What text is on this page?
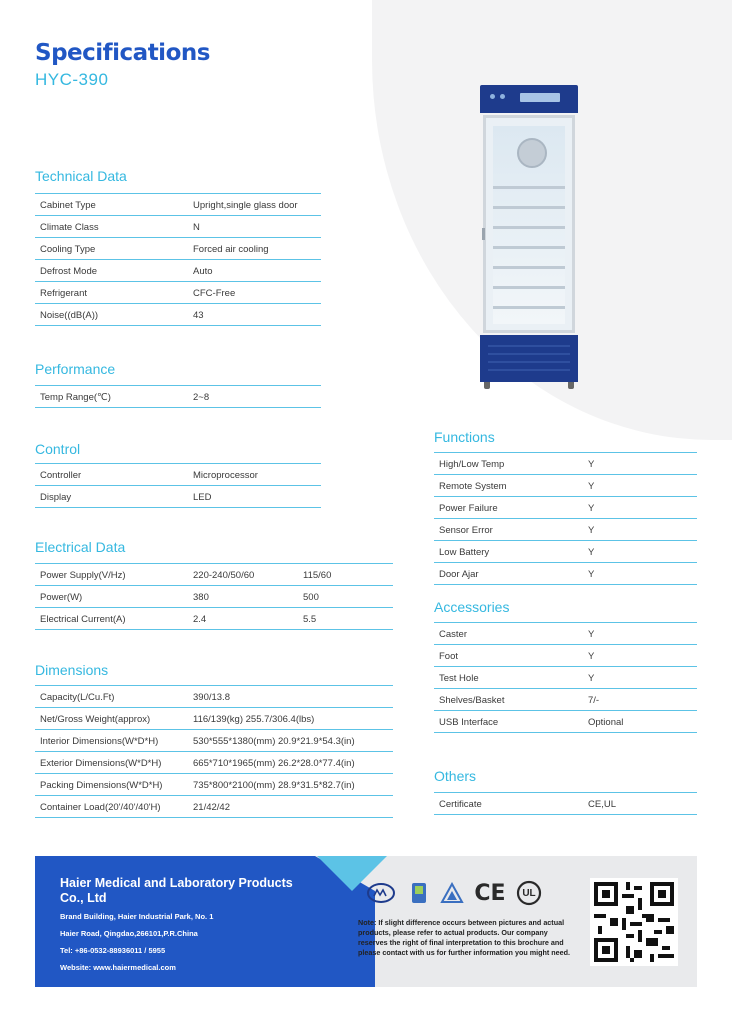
Specifications
HYC-390
Technical Data
Cabinet Type	Upright,single glass door
Climate Class	N
Cooling Type	Forced air cooling
Defrost Mode	Auto
Refrigerant	CFC-Free
Noise((dB(A))	43
Performance
Temp Range(℃)	2~8
Control
Controller	Microprocessor
Display	LED
Electrical Data
Power Supply(V/Hz)	220-240/50/60	115/60
Power(W)	380	500
Electrical Current(A)	2.4	5.5
Dimensions
Capacity(L/Cu.Ft)	390/13.8
Net/Gross Weight(approx)	116/139(kg) 255.7/306.4(lbs)
Interior Dimensions(W*D*H)	530*555*1380(mm) 20.9*21.9*54.3(in)
Exterior Dimensions(W*D*H)	665*710*1965(mm) 26.2*28.0*77.4(in)
Packing Dimensions(W*D*H)	735*800*2100(mm) 28.9*31.5*82.7(in)
Container Load(20'/40'/40'H)	21/42/42
Functions
High/Low Temp	Y
Remote System	Y
Power Failure	Y
Sensor Error	Y
Low Battery	Y
Door Ajar	Y
Accessories
Caster	Y
Foot	Y
Test Hole	Y
Shelves/Basket	7/-
USB Interface	Optional
Others
Certificate	CE,UL
Haier Medical and Laboratory Products Co., Ltd
Brand Building, Haier Industrial Park, No. 1
Haier Road, Qingdao,266101,P.R.China
Tel: +86-0532-88936011 / 5955
Website: www.haiermedical.com
CE	UL
Note: If slight difference occurs between pictures and actual products, please refer to actual products. Our company reserves the right of final interpretation to this brochure and please contact with us for further information you might need.
